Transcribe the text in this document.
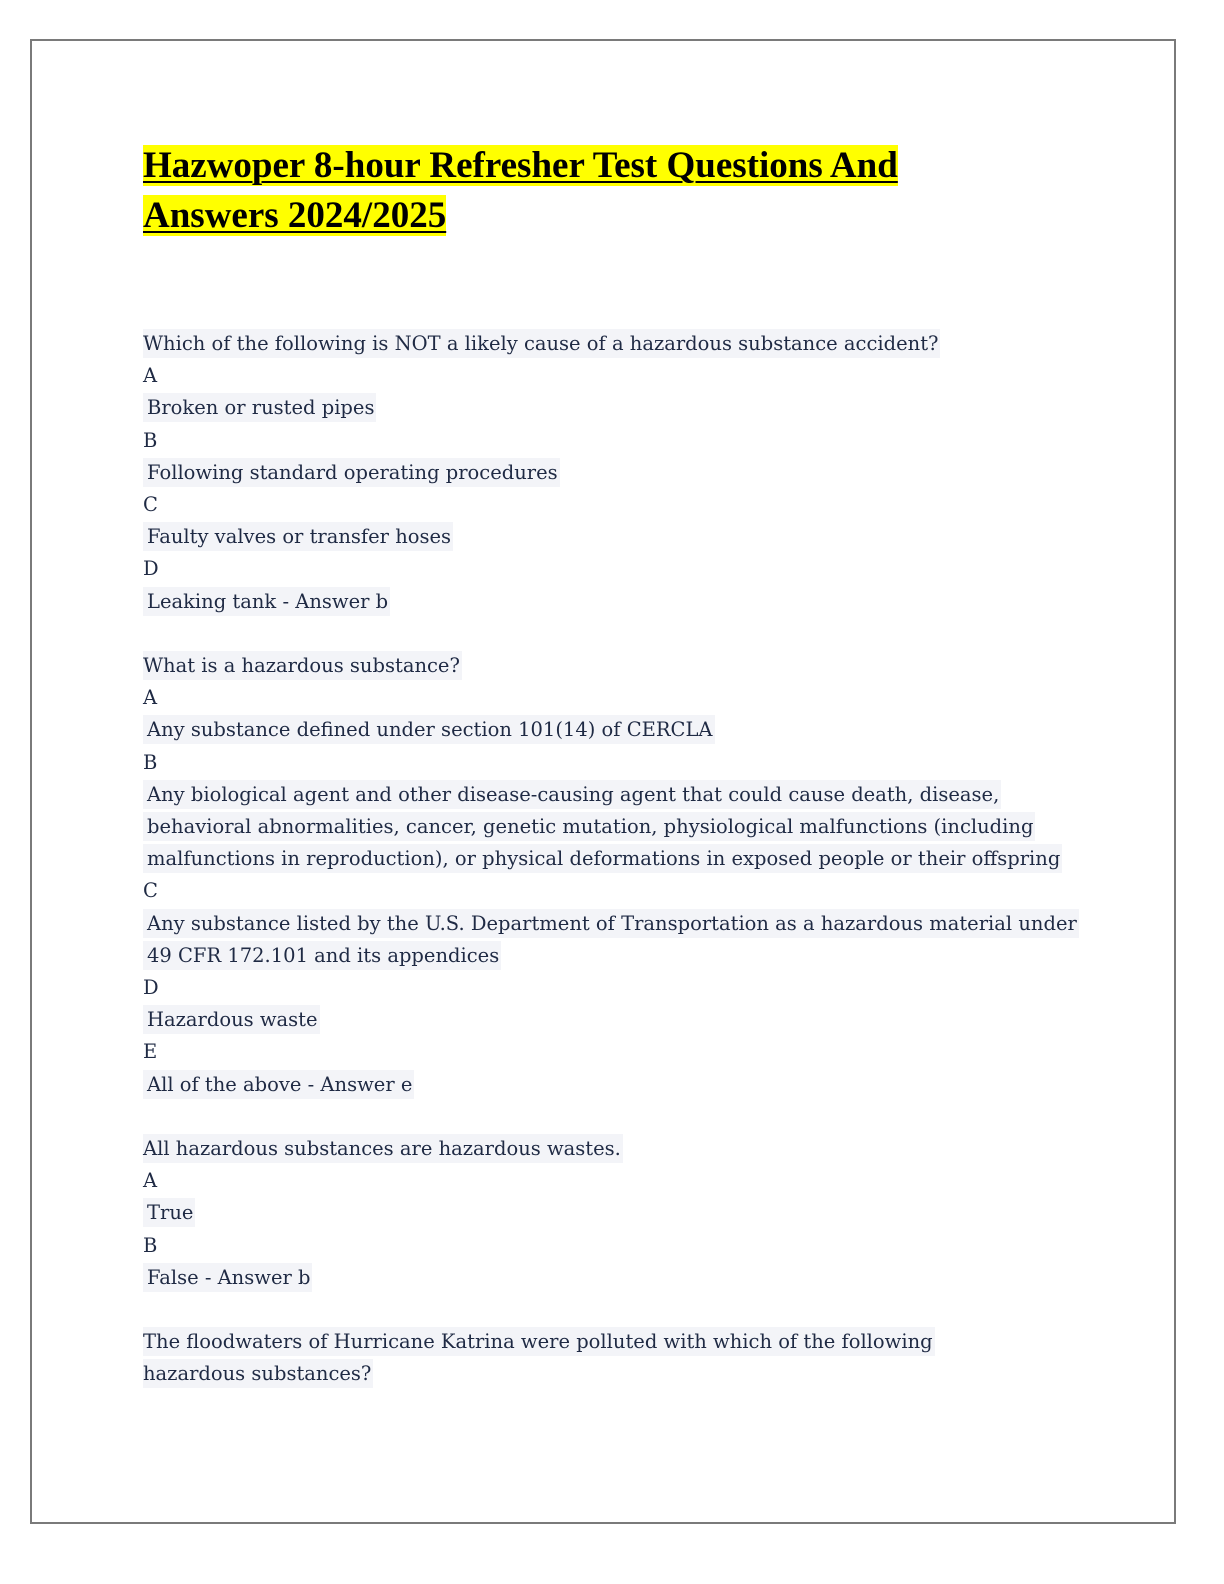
Hazwoper 8-hour Refresher Test Questions And
Answers 2024/2025
Which of the following is NOT a likely cause of a hazardous substance accident?
A
Broken or rusted pipes
B
Following standard operating procedures
C
Faulty valves or transfer hoses
D
Leaking tank - Answer b
What is a hazardous substance?
A
Any substance defined under section 101(14) of CERCLA
B
Any biological agent and other disease-causing agent that could cause death, disease, behavioral abnormalities, cancer, genetic mutation, physiological malfunctions (including malfunctions in reproduction), or physical deformations in exposed people or their offspring
C
Any substance listed by the U.S. Department of Transportation as a hazardous material under 49 CFR 172.101 and its appendices
D
Hazardous waste
E
All of the above - Answer e
All hazardous substances are hazardous wastes.
A
True
B
False - Answer b
The floodwaters of Hurricane Katrina were polluted with which of the following hazardous substances?
